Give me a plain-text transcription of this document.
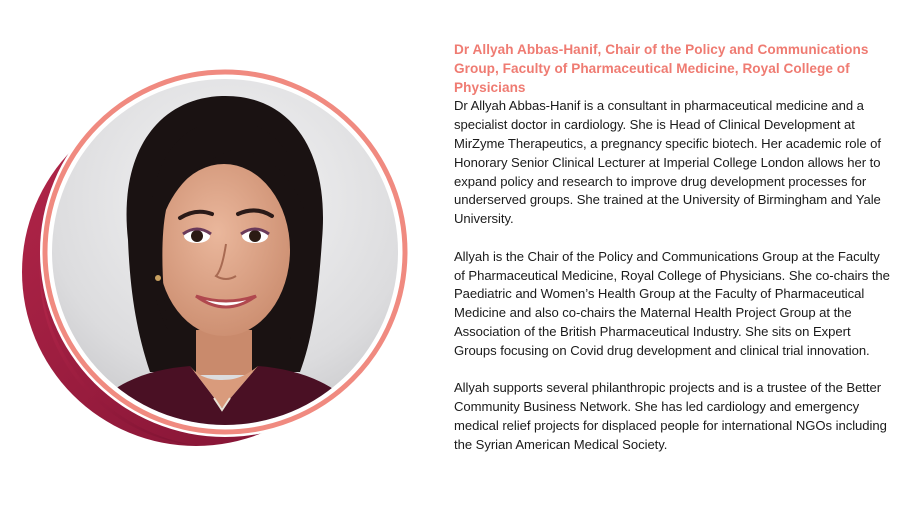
Dr Allyah Abbas-Hanif, Chair of the Policy and Communications Group, Faculty of Pharmaceutical Medicine, Royal College of Physicians

Dr Allyah Abbas-Hanif is a consultant in pharmaceutical medicine and a specialist doctor in cardiology. She is Head of Clinical Development at MirZyme Therapeutics, a pregnancy specific biotech. Her academic role of Honorary Senior Clinical Lecturer at Imperial College London allows her to expand policy and research to improve drug development processes for underserved groups. She trained at the University of Birmingham and Yale University.

Allyah is the Chair of the Policy and Communications Group at the Faculty of Pharmaceutical Medicine, Royal College of Physicians. She co-chairs the Paediatric and Women’s Health Group at the Faculty of Pharmaceutical Medicine and also co-chairs the Maternal Health Project Group at the Association of the British Pharmaceutical Industry. She sits on Expert Groups focusing on Covid drug development and clinical trial innovation.

Allyah supports several philanthropic projects and is a trustee of the Better Community Business Network. She has led cardiology and emergency medical relief projects for displaced people for international NGOs including the Syrian American Medical Society.
